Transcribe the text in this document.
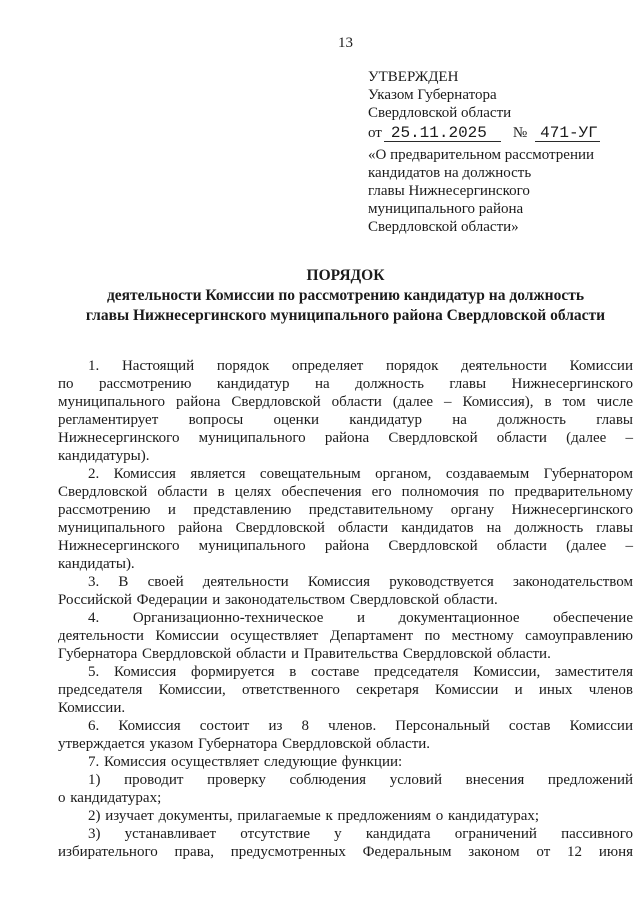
13
УТВЕРЖДЕН
Указом Губернатора
Свердловской области
от 25.11.2025	№ 471-УГ
«О предварительном рассмотрении
кандидатов на должность
главы Нижнесергинского
муниципального района
Свердловской области»
ПОРЯДОК
деятельности Комиссии по рассмотрению кандидатур на должность
главы Нижнесергинского муниципального района Свердловской области

1. Настоящий порядок определяет порядок деятельности Комиссии
по рассмотрению кандидатур на должность главы Нижнесергинского
муниципального района Свердловской области (далее – Комиссия), в том числе
регламентирует вопросы оценки кандидатур на должность главы
Нижнесергинского муниципального района Свердловской области (далее –
кандидатуры).

2. Комиссия является совещательным органом, создаваемым Губернатором
Свердловской области в целях обеспечения его полномочия по предварительному
рассмотрению и представлению представительному органу Нижнесергинского
муниципального района Свердловской области кандидатов на должность главы
Нижнесергинского муниципального района Свердловской области (далее –
кандидаты).

3. В своей деятельности Комиссия руководствуется законодательством
Российской Федерации и законодательством Свердловской области.

4. Организационно-техническое и документационное обеспечение
деятельности Комиссии осуществляет Департамент по местному самоуправлению
Губернатора Свердловской области и Правительства Свердловской области.

5. Комиссия формируется в составе председателя Комиссии, заместителя
председателя Комиссии, ответственного секретаря Комиссии и иных членов
Комиссии.

6. Комиссия состоит из 8 членов. Персональный состав Комиссии
утверждается указом Губернатора Свердловской области.

7. Комиссия осуществляет следующие функции:

1) проводит проверку соблюдения условий внесения предложений
о кандидатурах;

2) изучает документы, прилагаемые к предложениям о кандидатурах;

3) устанавливает отсутствие у кандидата ограничений пассивного
избирательного права, предусмотренных Федеральным законом от 12 июня
